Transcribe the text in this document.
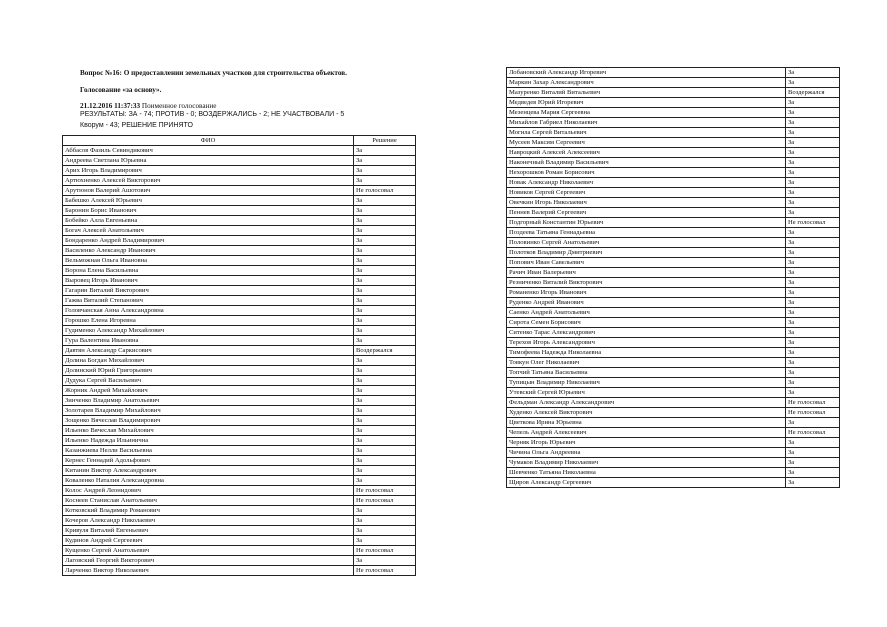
Вопрос №16: О предоставлении земельных участков для строительства объектов.
Голосование «за основу».
21.12.2016 11:37:33 Поименное голосование
РЕЗУЛЬТАТЫ: ЗА - 74; ПРОТИВ - 0; ВОЗДЕРЖАЛИСЬ - 2; НЕ УЧАСТВОВАЛИ - 5
Кворум - 43; РЕШЕНИЕ ПРИНЯТО
ФИО	Решение
Аббасов Фазиль Севиндикович	За
Андреева Светлана Юрьевна	За
Арих Игорь Владимирович	За
Артюхненко Алексей Викторович	За
Арутюнов Валерий Ашотович	Не голосовал
Бабешко Алексей Юрьевич	За
Баронин Борис Иванович	За
Бобейко Алла Евгеньевна	За
Богач Алексей Анатольевич	За
Бондаренко Андрей Владимирович	За
Василенко Александр Иванович	За
Вельможная Ольга Ивановна	За
Ворона Елена Васильевна	За
Выровец Игорь Иванович	За
Гагарин Виталий Викторович	За
Гажва Виталий Степанович	За
Головчанская Анна Александровна	За
Горошко Елена Игоревна	За
Гудименко Александр Михайлович	За
Гура Валентина Ивановна	За
Давтян Александр Саркисович	Воздержался
Долина Богдан Михайлович	За
Долинский Юрий Григорьевич	За
Дудука Сергей Васильевич	За
Жорник Андрей Михайлович	За
Зинченко Владимир Анатольевич	За
Золотарев Владимир Михайлович	За
Зощенко Вячеслав Владимирович	За
Ильенко Вячеслав Михайлович	За
Ильенко Надежда Ильинична	За
Казанжиева Нелли Васильевна	За
Кернес Геннадий Адольфович	За
Китанин Виктор Александрович	За
Коваленко Наталия Александровна	За
Колос Андрей Леонидович	Не голосовал
Коснеев Станислав Анатольевич	Не голосовал
Котковский Владимир Романович	За
Кочеров Александр Николаевич	За
Кривуля Виталий Евгеньевич	За
Кудинов Андрей Сергеевич	За
Кущенко Сергей Анатольевич	Не голосовал
Лаговский Георгий Викторович	За
Ларченко Виктор Николаевич	Не голосовал
Лобановский Александр Игоревич	За
Маркин Захар Александрович	За
Мазуренко Виталий Витальевич	Воздержался
Медведев Юрий Игоревич	За
Мезенцева Мария Сергеевна	За
Михайлов Габриел Николаевич	За
Могила Сергей Витальевич	За
Мусеев Максим Сергеевич	За
Навроцкий Алексей Алексеевич	За
Наконечный Владимир Васильевич	За
Нехорошков Роман Борисович	За
Новак Александр Николаевич	За
Новиков Сергей Сергеевич	За
Овечкин Игорь Николаевич	За
Пеннев Валерий Сергеевич	За
Подгорный Константин Юрьевич	Не голосовал
Поздеева Татьяна Геннадьевна	За
Половинко Сергей Анатольевич	За
Полотков Владимир Дмитриевич	За
Попович Иван Савельевич	За
Рачич Иван Валерьевич	За
Резниченко Виталий Викторович	За
Романенко Игорь Иванович	За
Руденко Андрей Иванович	За
Саенко Андрей Анатольевич	За
Сирота Семен Борисович	За
Ситенко Тарас Александрович	За
Терехов Игорь Александрович	За
Тимофеева Надежда Николаевна	За
Товкун Олег Николаевич	За
Топчий Татьяна Васильевна	За
Тупицын Владимир Николаевич	За
Утевский Сергей Юрьевич	За
Фельдман Александр Александрович	Не голосовал
Худенко Алексей Викторович	Не голосовал
Цветкова Ирина Юрьевна	За
Чепель Андрей Алексеевич	Не голосовал
Черняк Игорь Юрьевич	За
Чичина Ольга Андреевна	За
Чумаков Владимир Николаевич	За
Шевченко Татьяна Николаевна	За
Щиров Александр Сергеевич	За
